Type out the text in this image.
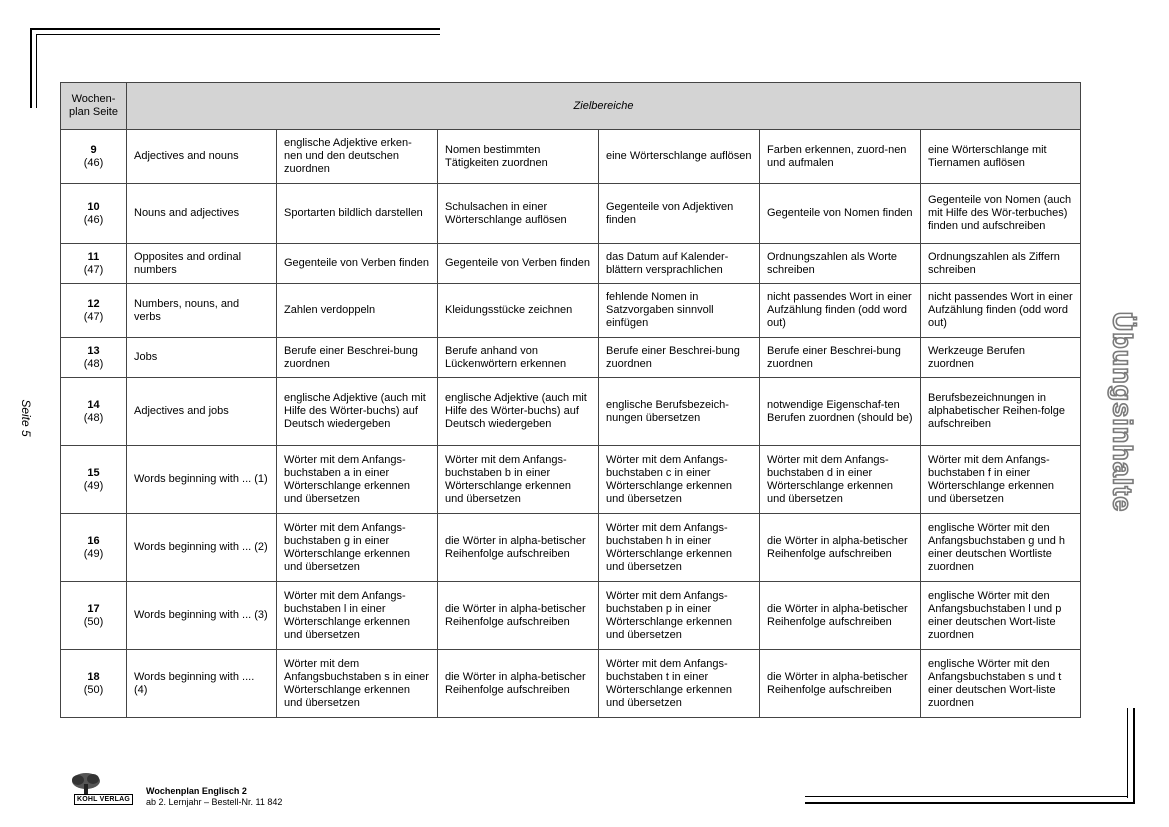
Seite 5	Übungsinhalte
Wochen-
plan Seite	Zielbereiche					

9
(46)	Adjectives and nouns	englische Adjektive erken-nen und den deutschen zuordnen	Nomen bestimmten Tätigkeiten zuordnen	eine Wörterschlange auflösen	Farben erkennen, zuord-nen und aufmalen	eine Wörterschlange mit Tiernamen auflösen

10
(46)	Nouns and adjectives	Sportarten bildlich darstellen	Schulsachen in einer Wörterschlange auflösen	Gegenteile von Adjektiven finden	Gegenteile von Nomen finden	Gegenteile von Nomen (auch mit Hilfe des Wör-terbuches) finden und aufschreiben

11
(47)	Opposites and ordinal numbers	Gegenteile von Verben finden	Gegenteile von Verben finden	das Datum auf Kalender-blättern versprachlichen	Ordnungszahlen als Worte schreiben	Ordnungszahlen als Ziffern schreiben

12
(47)	Numbers, nouns, and verbs	Zahlen verdoppeln	Kleidungsstücke zeichnen	fehlende Nomen in Satzvorgaben sinnvoll einfügen	nicht passendes Wort in einer Aufzählung finden (odd word out)	nicht passendes Wort in einer Aufzählung finden (odd word out)

13
(48)	Jobs	Berufe einer Beschrei-bung zuordnen	Berufe anhand von Lückenwörtern erkennen	Berufe einer Beschrei-bung zuordnen	Berufe einer Beschrei-bung zuordnen	Werkzeuge Berufen zuordnen

14
(48)	Adjectives and jobs	englische Adjektive (auch mit Hilfe des Wörter-buchs) auf Deutsch wiedergeben	englische Adjektive (auch mit Hilfe des Wörter-buchs) auf Deutsch wiedergeben	englische Berufsbezeich-nungen übersetzen	notwendige Eigenschaf-ten Berufen zuordnen (should be)	Berufsbezeichnungen in alphabetischer Reihen-folge aufschreiben

15
(49)	Words beginning with ... (1)	Wörter mit dem Anfangs-buchstaben a in einer Wörterschlange erkennen und übersetzen	Wörter mit dem Anfangs-buchstaben b in einer Wörterschlange erkennen und übersetzen	Wörter mit dem Anfangs-buchstaben c in einer Wörterschlange erkennen und übersetzen	Wörter mit dem Anfangs-buchstaben d in einer Wörterschlange erkennen und übersetzen	Wörter mit dem Anfangs-buchstaben f in einer Wörterschlange erkennen und übersetzen

16
(49)	Words beginning with ... (2)	Wörter mit dem Anfangs-buchstaben g in einer Wörterschlange erkennen und übersetzen	die Wörter in alpha-betischer Reihenfolge aufschreiben	Wörter mit dem Anfangs-buchstaben h in einer Wörterschlange erkennen und übersetzen	die Wörter in alpha-betischer Reihenfolge aufschreiben	englische Wörter mit den Anfangsbuchstaben g und h einer deutschen Wortliste zuordnen

17
(50)	Words beginning with ... (3)	Wörter mit dem Anfangs-buchstaben l in einer Wörterschlange erkennen und übersetzen	die Wörter in alpha-betischer Reihenfolge aufschreiben	Wörter mit dem Anfangs-buchstaben p in einer Wörterschlange erkennen und übersetzen	die Wörter in alpha-betischer Reihenfolge aufschreiben	englische Wörter mit den Anfangsbuchstaben l und p einer deutschen Wort-liste zuordnen

18
(50)	Words beginning with .... (4)	Wörter mit dem Anfangsbuchstaben s in einer Wörterschlange erkennen und übersetzen	die Wörter in alpha-betischer Reihenfolge aufschreiben	Wörter mit dem Anfangs-buchstaben t in einer Wörterschlange erkennen und übersetzen	die Wörter in alpha-betischer Reihenfolge aufschreiben	englische Wörter mit den Anfangsbuchstaben s und t einer deutschen Wort-liste zuordnen
KOHL VERLAG
Wochenplan Englisch 2
ab 2. Lernjahr – Bestell-Nr. 11 842
